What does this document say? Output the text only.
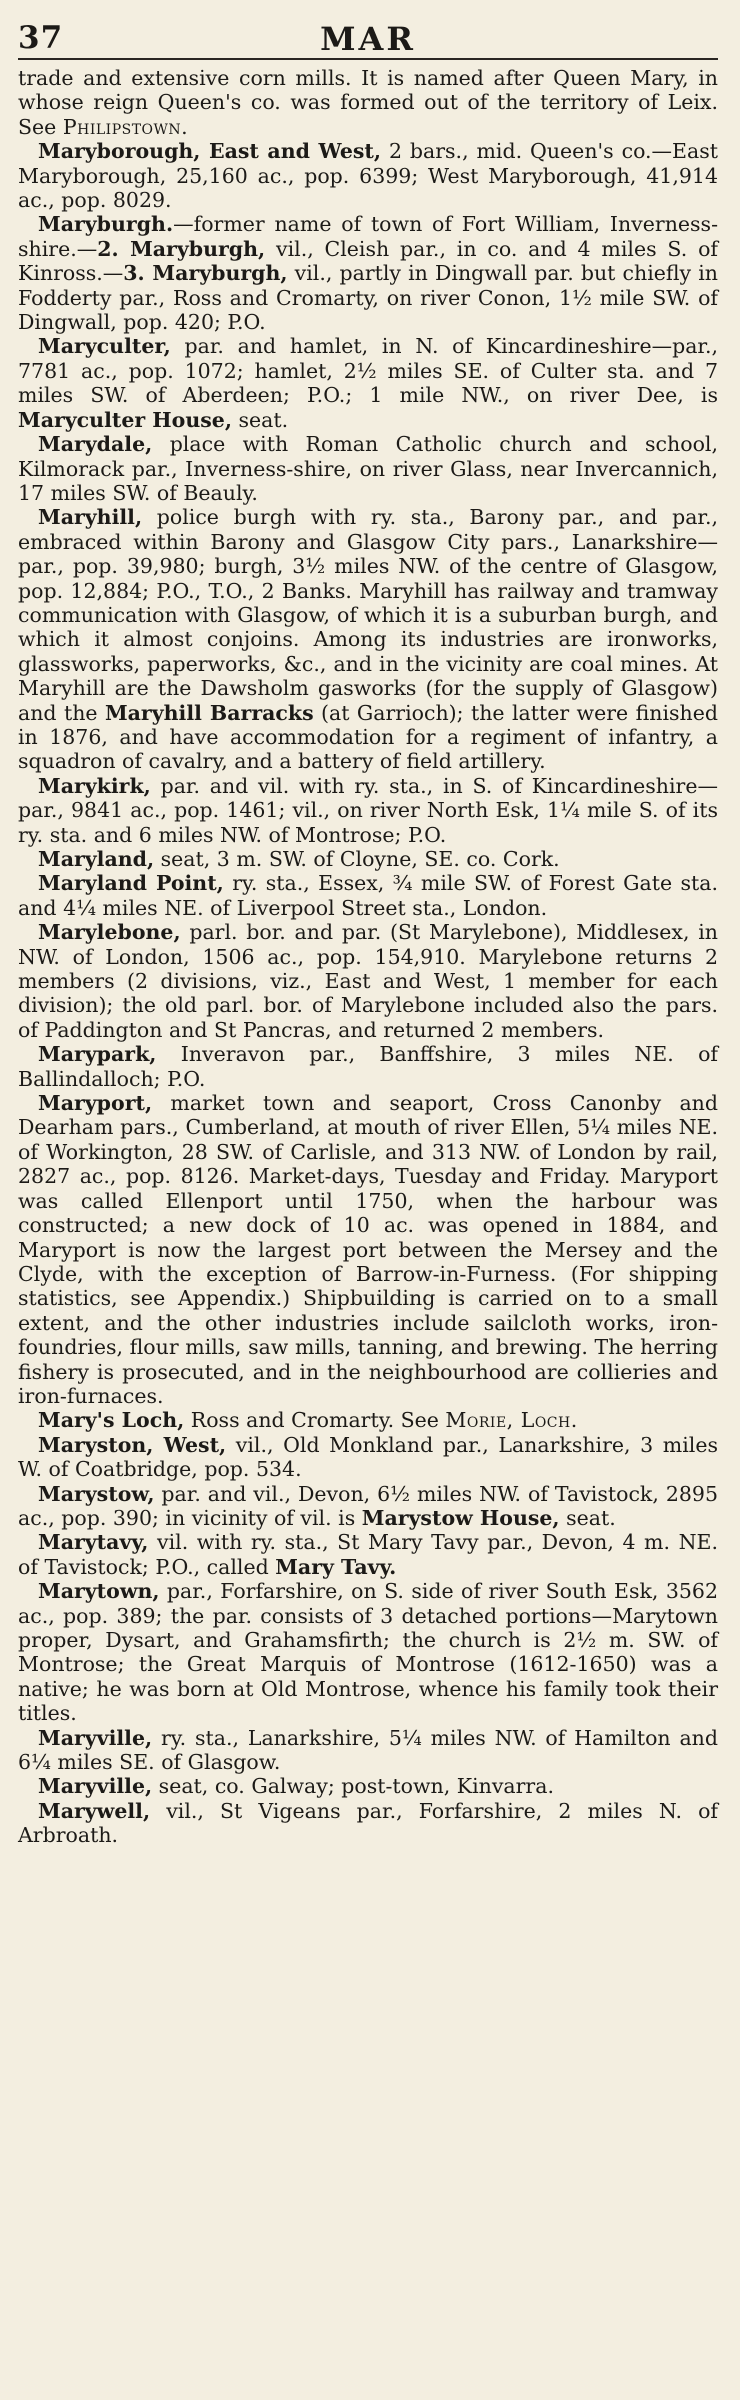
37	MAR

trade and extensive corn mills. It is named after Queen Mary, in whose reign Queen's co. was formed out of the territory of Leix. See Philipstown.

Maryborough, East and West, 2 bars., mid. Queen's co.—East Maryborough, 25,160 ac., pop. 6399; West Maryborough, 41,914 ac., pop. 8029.

Maryburgh.—former name of town of Fort William, Inverness-shire.—2. Maryburgh, vil., Cleish par., in co. and 4 miles S. of Kinross.—3. Maryburgh, vil., partly in Dingwall par. but chiefly in Fodderty par., Ross and Cromarty, on river Conon, 1½ mile SW. of Dingwall, pop. 420; P.O.

Maryculter, par. and hamlet, in N. of Kincardineshire—par., 7781 ac., pop. 1072; hamlet, 2½ miles SE. of Culter sta. and 7 miles SW. of Aberdeen; P.O.; 1 mile NW., on river Dee, is Maryculter House, seat.

Marydale, place with Roman Catholic church and school, Kilmorack par., Inverness-shire, on river Glass, near Invercannich, 17 miles SW. of Beauly.

Maryhill, police burgh with ry. sta., Barony par., and par., embraced within Barony and Glasgow City pars., Lanarkshire—par., pop. 39,980; burgh, 3½ miles NW. of the centre of Glasgow, pop. 12,884; P.O., T.O., 2 Banks. Maryhill has railway and tramway communication with Glasgow, of which it is a suburban burgh, and which it almost conjoins. Among its industries are ironworks, glassworks, paperworks, &c., and in the vicinity are coal mines. At Maryhill are the Dawsholm gasworks (for the supply of Glasgow) and the Maryhill Barracks (at Garrioch); the latter were finished in 1876, and have accommodation for a regiment of infantry, a squadron of cavalry, and a battery of field artillery.

Marykirk, par. and vil. with ry. sta., in S. of Kincardineshire—par., 9841 ac., pop. 1461; vil., on river North Esk, 1¼ mile S. of its ry. sta. and 6 miles NW. of Montrose; P.O.

Maryland, seat, 3 m. SW. of Cloyne, SE. co. Cork.

Maryland Point, ry. sta., Essex, ¾ mile SW. of Forest Gate sta. and 4¼ miles NE. of Liverpool Street sta., London.

Marylebone, parl. bor. and par. (St Marylebone), Middlesex, in NW. of London, 1506 ac., pop. 154,910. Marylebone returns 2 members (2 divisions, viz., East and West, 1 member for each division); the old parl. bor. of Marylebone included also the pars. of Paddington and St Pancras, and returned 2 members.

Marypark, Inveravon par., Banffshire, 3 miles NE. of Ballindalloch; P.O.

Maryport, market town and seaport, Cross Canonby and Dearham pars., Cumberland, at mouth of river Ellen, 5¼ miles NE. of Workington, 28 SW. of Carlisle, and 313 NW. of London by rail, 2827 ac., pop. 8126. Market-days, Tuesday and Friday. Maryport was called Ellenport until 1750, when the harbour was constructed; a new dock of 10 ac. was opened in 1884, and Maryport is now the largest port between the Mersey and the Clyde, with the exception of Barrow-in-Furness. (For shipping statistics, see Appendix.) Shipbuilding is carried on to a small extent, and the other industries include sailcloth works, iron-foundries, flour mills, saw mills, tanning, and brewing. The herring fishery is prosecuted, and in the neighbourhood are collieries and iron-furnaces.

Mary's Loch, Ross and Cromarty. See Morie, Loch.

Maryston, West, vil., Old Monkland par., Lanarkshire, 3 miles W. of Coatbridge, pop. 534.

Marystow, par. and vil., Devon, 6½ miles NW. of Tavistock, 2895 ac., pop. 390; in vicinity of vil. is Marystow House, seat.

Marytavy, vil. with ry. sta., St Mary Tavy par., Devon, 4 m. NE. of Tavistock; P.O., called Mary Tavy.

Marytown, par., Forfarshire, on S. side of river South Esk, 3562 ac., pop. 389; the par. consists of 3 detached portions—Marytown proper, Dysart, and Grahamsfirth; the church is 2½ m. SW. of Montrose; the Great Marquis of Montrose (1612-1650) was a native; he was born at Old Montrose, whence his family took their titles.

Maryville, ry. sta., Lanarkshire, 5¼ miles NW. of Hamilton and 6¼ miles SE. of Glasgow.

Maryville, seat, co. Galway; post-town, Kinvarra.

Marywell, vil., St Vigeans par., Forfarshire, 2 miles N. of Arbroath.
